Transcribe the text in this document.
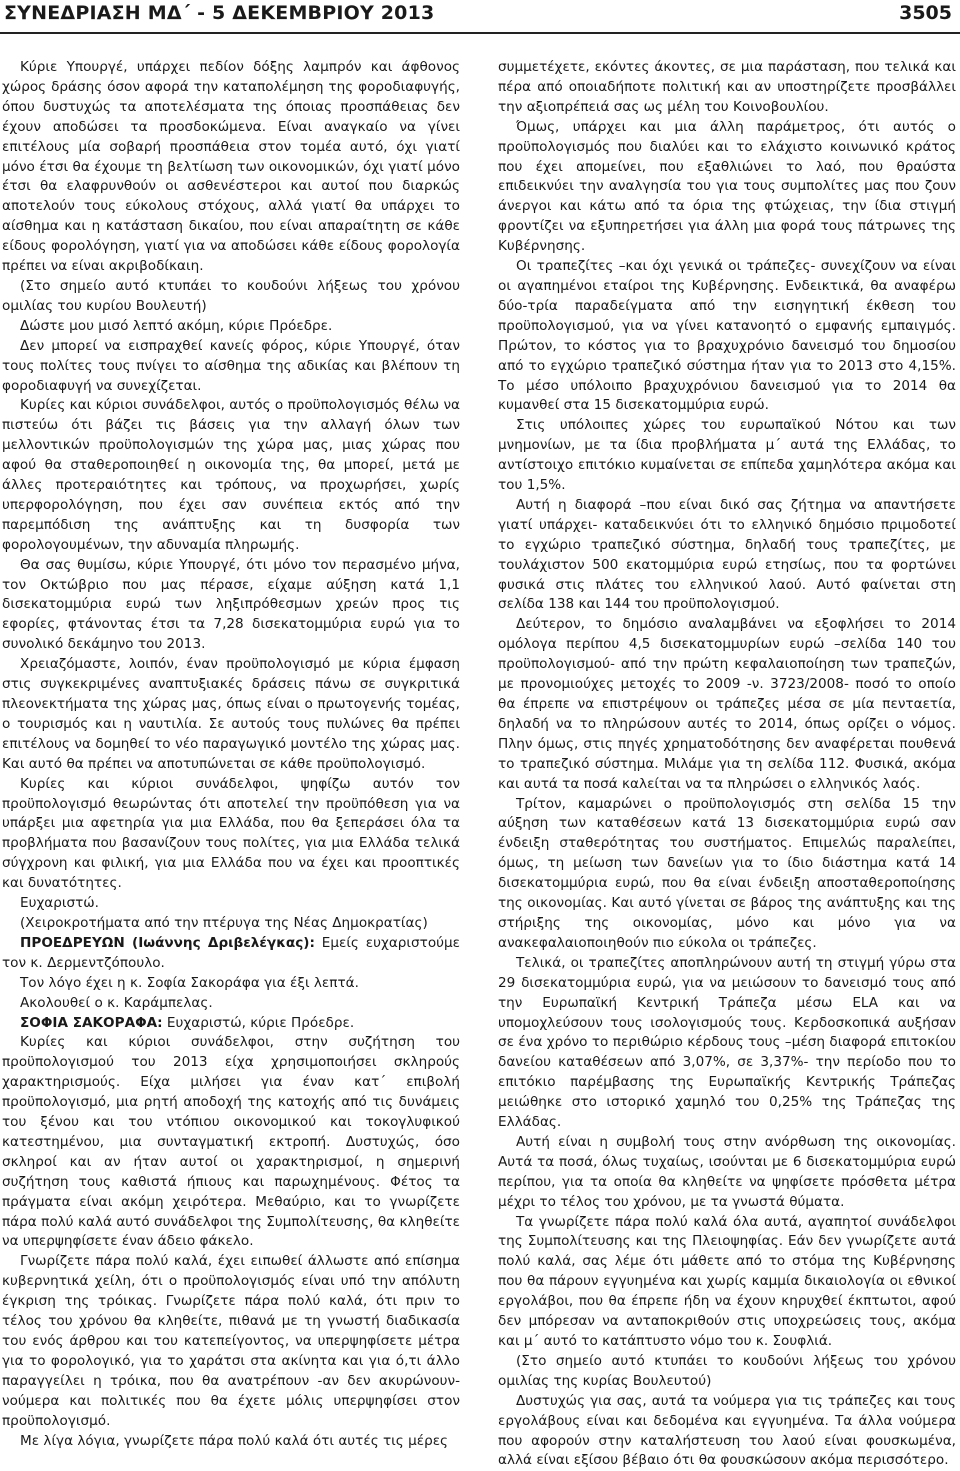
ΣΥΝΕΔΡΙΑΣΗ ΜΔ΄ - 5 ΔΕΚΕΜΒΡΙΟΥ 2013	3505

Κύριε Υπουργέ, υπάρχει πεδίον δόξης λαμπρόν και άφθονος χώρος δράσης όσον αφορά την καταπολέμηση της φοροδιαφυγής, όπου δυστυχώς τα αποτελέσματα της όποιας προσπάθειας δεν έχουν αποδώσει τα προσδοκώμενα. Είναι αναγκαίο να γίνει επιτέλους μία σοβαρή προσπάθεια στον τομέα αυτό, όχι γιατί μόνο έτσι θα έχουμε τη βελτίωση των οικονομικών, όχι γιατί μόνο έτσι θα ελαφρυνθούν οι ασθενέστεροι και αυτοί που διαρκώς αποτελούν τους εύκολους στόχους, αλλά γιατί θα υπάρχει το αίσθημα και η κατάσταση δικαίου, που είναι απαραίτητη σε κάθε είδους φορολόγηση, γιατί για να αποδώσει κάθε είδους φορολογία πρέπει να είναι ακριβοδίκαιη.

(Στο σημείο αυτό κτυπάει το κουδούνι λήξεως του χρόνου ομιλίας του κυρίου Βουλευτή)

Δώστε μου μισό λεπτό ακόμη, κύριε Πρόεδρε.

Δεν μπορεί να εισπραχθεί κανείς φόρος, κύριε Υπουργέ, όταν τους πολίτες τους πνίγει το αίσθημα της αδικίας και βλέπουν τη φοροδιαφυγή να συνεχίζεται.

Κυρίες και κύριοι συνάδελφοι, αυτός ο προϋπολογισμός θέλω να πιστεύω ότι βάζει τις βάσεις για την αλλαγή όλων των μελλοντικών προϋπολογισμών της χώρα μας, μιας χώρας που αφού θα σταθεροποιηθεί η οικονομία της, θα μπορεί, μετά με άλλες προτεραιότητες και τρόπους, να προχωρήσει, χωρίς υπερφορολόγηση, που έχει σαν συνέπεια εκτός από την παρεμπόδιση της ανάπτυξης και τη δυσφορία των φορολογουμένων, την αδυναμία πληρωμής.

Θα σας θυμίσω, κύριε Υπουργέ, ότι μόνο τον περασμένο μήνα, τον Οκτώβριο που μας πέρασε, είχαμε αύξηση κατά 1,1 δισεκατομμύρια ευρώ των ληξιπρόθεσμων χρεών προς τις εφορίες, φτάνοντας έτσι τα 7,28 δισεκατομμύρια ευρώ για το συνολικό δεκάμηνο του 2013.

Χρειαζόμαστε, λοιπόν, έναν προϋπολογισμό με κύρια έμφαση στις συγκεκριμένες αναπτυξιακές δράσεις πάνω σε συγκριτικά πλεονεκτήματα της χώρας μας, όπως είναι ο πρωτογενής τομέας, ο τουρισμός και η ναυτιλία. Σε αυτούς τους πυλώνες θα πρέπει επιτέλους να δομηθεί το νέο παραγωγικό μοντέλο της χώρας μας. Και αυτό θα πρέπει να αποτυπώνεται σε κάθε προϋπολογισμό.

Κυρίες και κύριοι συνάδελφοι, ψηφίζω αυτόν τον προϋπολογισμό θεωρώντας ότι αποτελεί την προϋπόθεση για να υπάρξει μια αφετηρία για μια Ελλάδα, που θα ξεπεράσει όλα τα προβλήματα που βασανίζουν τους πολίτες, για μια Ελλάδα τελικά σύγχρονη και φιλική, για μια Ελλάδα που να έχει και προοπτικές και δυνατότητες.

Ευχαριστώ.

(Χειροκροτήματα από την πτέρυγα της Νέας Δημοκρατίας)

ΠΡΟΕΔΡΕΥΩΝ (Ιωάννης Δριβελέγκας): Εμείς ευχαριστούμε τον κ. Δερμεντζόπουλο.

Τον λόγο έχει η κ. Σοφία Σακοράφα για έξι λεπτά.

Ακολουθεί ο κ. Καράμπελας.

ΣΟΦΙΑ ΣΑΚΟΡΑΦΑ: Ευχαριστώ, κύριε Πρόεδρε.

Κυρίες και κύριοι συνάδελφοι, στην συζήτηση του προϋπολογισμού του 2013 είχα χρησιμοποιήσει σκληρούς χαρακτηρισμούς. Είχα μιλήσει για έναν κατ΄ επιβολή προϋπολογισμό, μια ρητή αποδοχή της κατοχής από τις δυνάμεις του ξένου και του ντόπιου οικονομικού και τοκογλυφικού κατεστημένου, μια συνταγματική εκτροπή. Δυστυχώς, όσο σκληροί και αν ήταν αυτοί οι χαρακτηρισμοί, η σημερινή συζήτηση τους καθιστά ήπιους και παρωχημένους. Φέτος τα πράγματα είναι ακόμη χειρότερα. Μεθαύριο, και το γνωρίζετε πάρα πολύ καλά αυτό συνάδελφοι της Συμπολίτευσης, θα κληθείτε να υπερψηφίσετε έναν άδειο φάκελο.

Γνωρίζετε πάρα πολύ καλά, έχει ειπωθεί άλλωστε από επίσημα κυβερνητικά χείλη, ότι ο προϋπολογισμός είναι υπό την απόλυτη έγκριση της τρόικας. Γνωρίζετε πάρα πολύ καλά, ότι πριν το τέλος του χρόνου θα κληθείτε, πιθανά με τη γνωστή διαδικασία του ενός άρθρου και του κατεπείγοντος, να υπερψηφίσετε μέτρα για το φορολογικό, για το χαράτσι στα ακίνητα και για ό,τι άλλο παραγγείλει η τρόικα, που θα ανατρέπουν -αν δεν ακυρώνουν- νούμερα και πολιτικές που θα έχετε μόλις υπερψηφίσει στον προϋπολογισμό.

Με λίγα λόγια, γνωρίζετε πάρα πολύ καλά ότι αυτές τις μέρες

συμμετέχετε, εκόντες άκοντες, σε μια παράσταση, που τελικά και πέρα από οποιαδήποτε πολιτική και αν υποστηρίζετε προσβάλλει την αξιοπρέπειά σας ως μέλη του Κοινοβουλίου.

Όμως, υπάρχει και μια άλλη παράμετρος, ότι αυτός ο προϋπολογισμός που διαλύει και το ελάχιστο κοινωνικό κράτος που έχει απομείνει, που εξαθλιώνει το λαό, που θραύστα επιδεικνύει την αναλγησία του για τους συμπολίτες μας που ζουν άνεργοι και κάτω από τα όρια της φτώχειας, την ίδια στιγμή φροντίζει να εξυπηρετήσει για άλλη μια φορά τους πάτρωνες της Κυβέρνησης.

Οι τραπεζίτες –και όχι γενικά οι τράπεζες- συνεχίζουν να είναι οι αγαπημένοι εταίροι της Κυβέρνησης. Ενδεικτικά, θα αναφέρω δύο-τρία παραδείγματα από την εισηγητική έκθεση του προϋπολογισμού, για να γίνει κατανοητό ο εμφανής εμπαιγμός. Πρώτον, το κόστος για το βραχυχρόνιο δανεισμό του δημοσίου από το εγχώριο τραπεζικό σύστημα ήταν για το 2013 στο 4,15%. Το μέσο υπόλοιπο βραχυχρόνιου δανεισμού για το 2014 θα κυμανθεί στα 15 δισεκατομμύρια ευρώ.

Στις υπόλοιπες χώρες του ευρωπαϊκού Νότου και των μνημονίων, με τα ίδια προβλήματα μ΄ αυτά της Ελλάδας, το αντίστοιχο επιτόκιο κυμαίνεται σε επίπεδα χαμηλότερα ακόμα και του 1,5%.

Αυτή η διαφορά –που είναι δικό σας ζήτημα να απαντήσετε γιατί υπάρχει- καταδεικνύει ότι το ελληνικό δημόσιο πριμοδοτεί το εγχώριο τραπεζικό σύστημα, δηλαδή τους τραπεζίτες, με τουλάχιστον 500 εκατομμύρια ευρώ ετησίως, που τα φορτώνει φυσικά στις πλάτες του ελληνικού λαού. Αυτό φαίνεται στη σελίδα 138 και 144 του προϋπολογισμού.

Δεύτερον, το δημόσιο αναλαμβάνει να εξοφλήσει το 2014 ομόλογα περίπου 4,5 δισεκατομμυρίων ευρώ –σελίδα 140 του προϋπολογισμού- από την πρώτη κεφαλαιοποίηση των τραπεζών, με προνομιούχες μετοχές το 2009 -ν. 3723/2008- ποσό το οποίο θα έπρεπε να επιστρέψουν οι τράπεζες μέσα σε μία πενταετία, δηλαδή να το πληρώσουν αυτές το 2014, όπως ορίζει ο νόμος. Πλην όμως, στις πηγές χρηματοδότησης δεν αναφέρεται πουθενά το τραπεζικό σύστημα. Μιλάμε για τη σελίδα 112. Φυσικά, ακόμα και αυτά τα ποσά καλείται να τα πληρώσει ο ελληνικός λαός.

Τρίτον, καμαρώνει ο προϋπολογισμός στη σελίδα 15 την αύξηση των καταθέσεων κατά 13 δισεκατομμύρια ευρώ σαν ένδειξη σταθερότητας του συστήματος. Επιμελώς παραλείπει, όμως, τη μείωση των δανείων για το ίδιο διάστημα κατά 14 δισεκατομμύρια ευρώ, που θα είναι ένδειξη αποσταθεροποίησης της οικονομίας. Και αυτό γίνεται σε βάρος της ανάπτυξης και της στήριξης της οικονομίας, μόνο και μόνο για να ανακεφαλαιοποιηθούν πιο εύκολα οι τράπεζες.

Τελικά, οι τραπεζίτες αποπληρώνουν αυτή τη στιγμή γύρω στα 29 δισεκατομμύρια ευρώ, για να μειώσουν το δανεισμό τους από την Ευρωπαϊκή Κεντρική Τράπεζα μέσω ELA και να υπομοχλεύσουν τους ισολογισμούς τους. Κερδοσκοπικά αυξήσαν σε ένα χρόνο το περιθώριο κέρδους τους –μέση διαφορά επιτοκίου δανείου καταθέσεων από 3,07%, σε 3,37%- την περίοδο που το επιτόκιο παρέμβασης της Ευρωπαϊκής Κεντρικής Τράπεζας μειώθηκε στο ιστορικό χαμηλό του 0,25% της Τράπεζας της Ελλάδας.

Αυτή είναι η συμβολή τους στην ανόρθωση της οικονομίας. Αυτά τα ποσά, όλως τυχαίως, ισούνται με 6 δισεκατομμύρια ευρώ περίπου, για τα οποία θα κληθείτε να ψηφίσετε πρόσθετα μέτρα μέχρι το τέλος του χρόνου, με τα γνωστά θύματα.

Τα γνωρίζετε πάρα πολύ καλά όλα αυτά, αγαπητοί συνάδελφοι της Συμπολίτευσης και της Πλειοψηφίας. Εάν δεν γνωρίζετε αυτά πολύ καλά, σας λέμε ότι μάθετε από το στόμα της Κυβέρνησης που θα πάρουν εγγυημένα και χωρίς καμμία δικαιολογία οι εθνικοί εργολάβοι, που θα έπρεπε ήδη να έχουν κηρυχθεί έκπτωτοι, αφού δεν μπόρεσαν να ανταποκριθούν στις υποχρεώσεις τους, ακόμα και μ΄ αυτό το κατάπτυστο νόμο του κ. Σουφλιά.

(Στο σημείο αυτό κτυπάει το κουδούνι λήξεως του χρόνου ομιλίας της κυρίας Βουλευτού)

Δυστυχώς για σας, αυτά τα νούμερα για τις τράπεζες και τους εργολάβους είναι και δεδομένα και εγγυημένα. Τα άλλα νούμερα που αφορούν στην καταλήστευση του λαού είναι φουσκωμένα, αλλά είναι εξίσου βέβαιο ότι θα φουσκώσουν ακόμα περισσότερο.
